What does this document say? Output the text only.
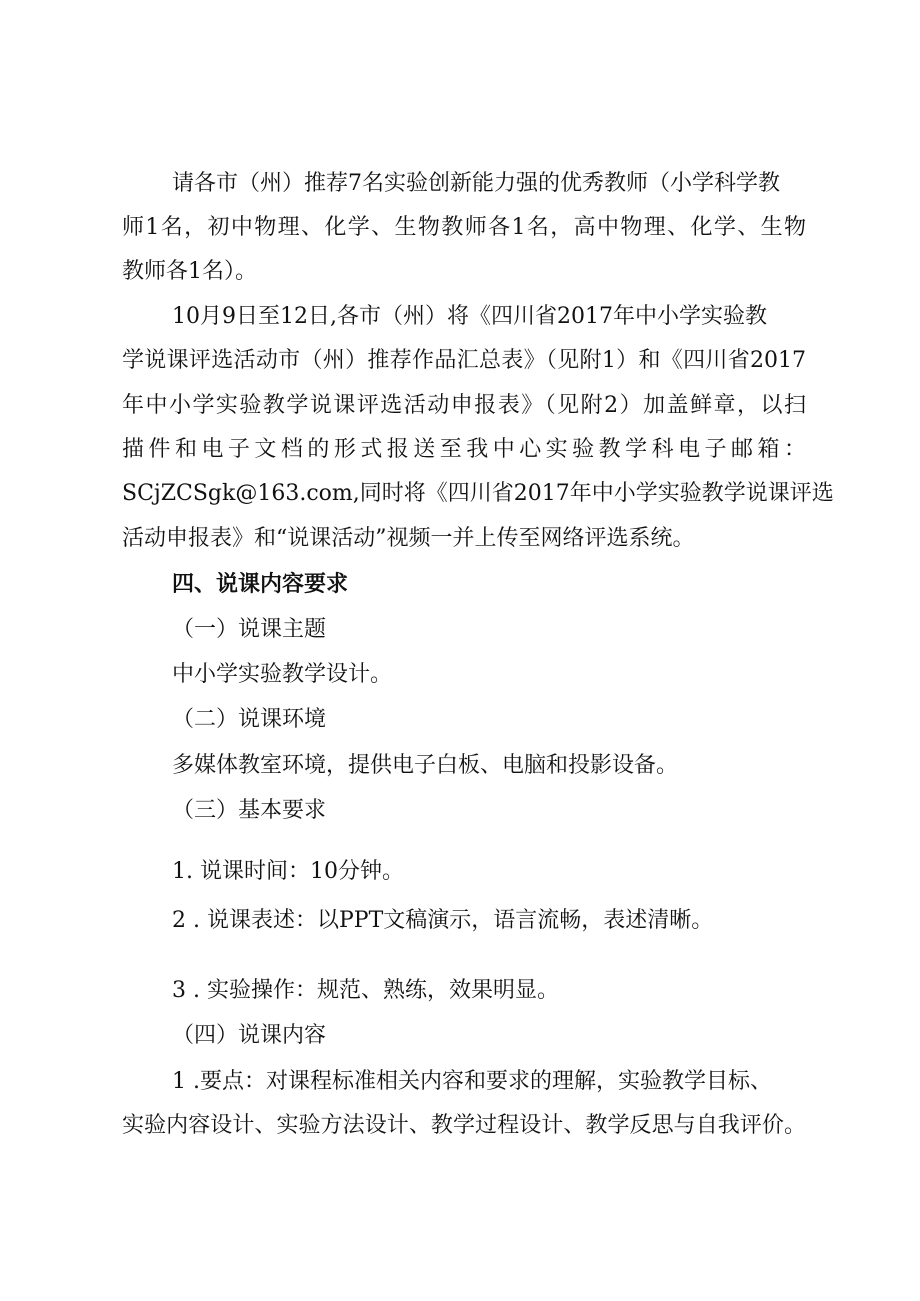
请各市（州）推荐7名实验创新能力强的优秀教师（小学科学教

师1名，初中物理、化学、生物教师各1名，高中物理、化学、生物

教师各1名）。

10月9日至12日,各市（州）将《四川省2017年中小学实验教

学说课评选活动市（州）推荐作品汇总表》（见附1）和《四川省2017

年中小学实验教学说课评选活动申报表》（见附2）加盖鲜章，以扫

描件和电子文档的形式报送至我中心实验教学科电子邮箱：

SCjZCSgk@163.com,同时将《四川省2017年中小学实验教学说课评选

活动申报表》和“说课活动”视频一并上传至网络评选系统。

四、说课内容要求

（一）说课主题

中小学实验教学设计。

（二）说课环境

多媒体教室环境，提供电子白板、电脑和投影设备。

（三）基本要求

1. 说课时间：10分钟。

2 . 说课表述：以PPT文稿演示，语言流畅，表述清晰。

3 . 实验操作：规范、熟练，效果明显。

（四）说课内容

1 .要点：对课程标准相关内容和要求的理解，实验教学目标、

实验内容设计、实验方法设计、教学过程设计、教学反思与自我评价。
